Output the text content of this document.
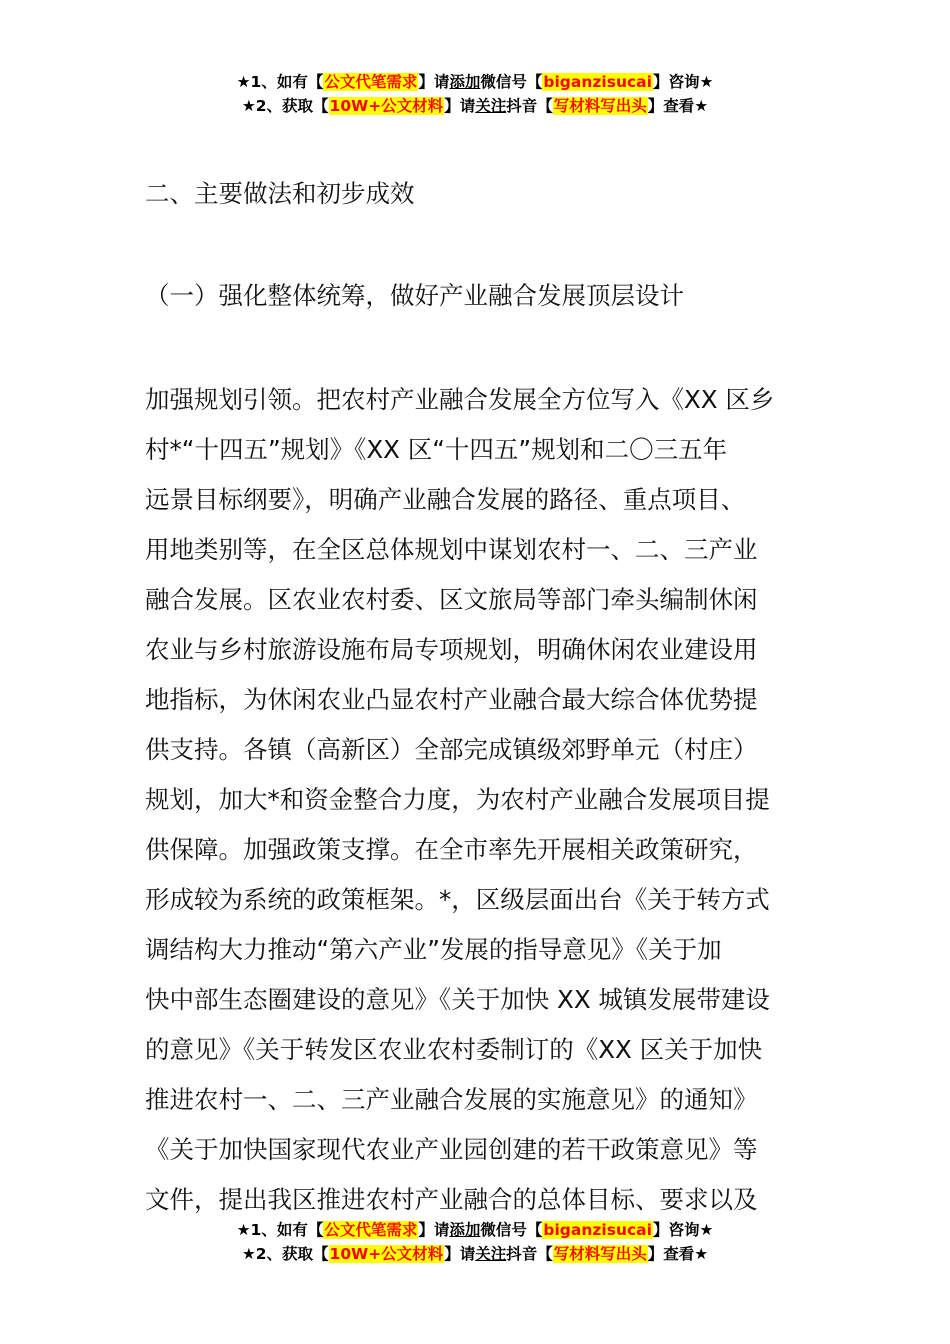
★1、如有【公文代笔需求】请添加微信号【biganzisucai】咨询★
★2、获取【10W+公文材料】请关注抖音【写材料写出头】查看★
二、主要做法和初步成效
（一）强化整体统筹，做好产业融合发展顶层设计
加强规划引领。把农村产业融合发展全方位写入《XX 区乡
村*“十四五”规划》《XX 区“十四五”规划和二〇三五年
远景目标纲要》，明确产业融合发展的路径、重点项目、
用地类别等，在全区总体规划中谋划农村一、二、三产业
融合发展。区农业农村委、区文旅局等部门牵头编制休闲
农业与乡村旅游设施布局专项规划，明确休闲农业建设用
地指标，为休闲农业凸显农村产业融合最大综合体优势提
供支持。各镇（高新区）全部完成镇级郊野单元（村庄）
规划，加大*和资金整合力度，为农村产业融合发展项目提
供保障。加强政策支撑。在全市率先开展相关政策研究，
形成较为系统的政策框架。*，区级层面出台《关于转方式
调结构大力推动“第六产业”发展的指导意见》《关于加
快中部生态圈建设的意见》《关于加快 XX 城镇发展带建设
的意见》《关于转发区农业农村委制订的《XX 区关于加快
推进农村一、二、三产业融合发展的实施意见》的通知》
《关于加快国家现代农业产业园创建的若干政策意见》等
文件，提出我区推进农村产业融合的总体目标、要求以及
★1、如有【公文代笔需求】请添加微信号【biganzisucai】咨询★
★2、获取【10W+公文材料】请关注抖音【写材料写出头】查看★
